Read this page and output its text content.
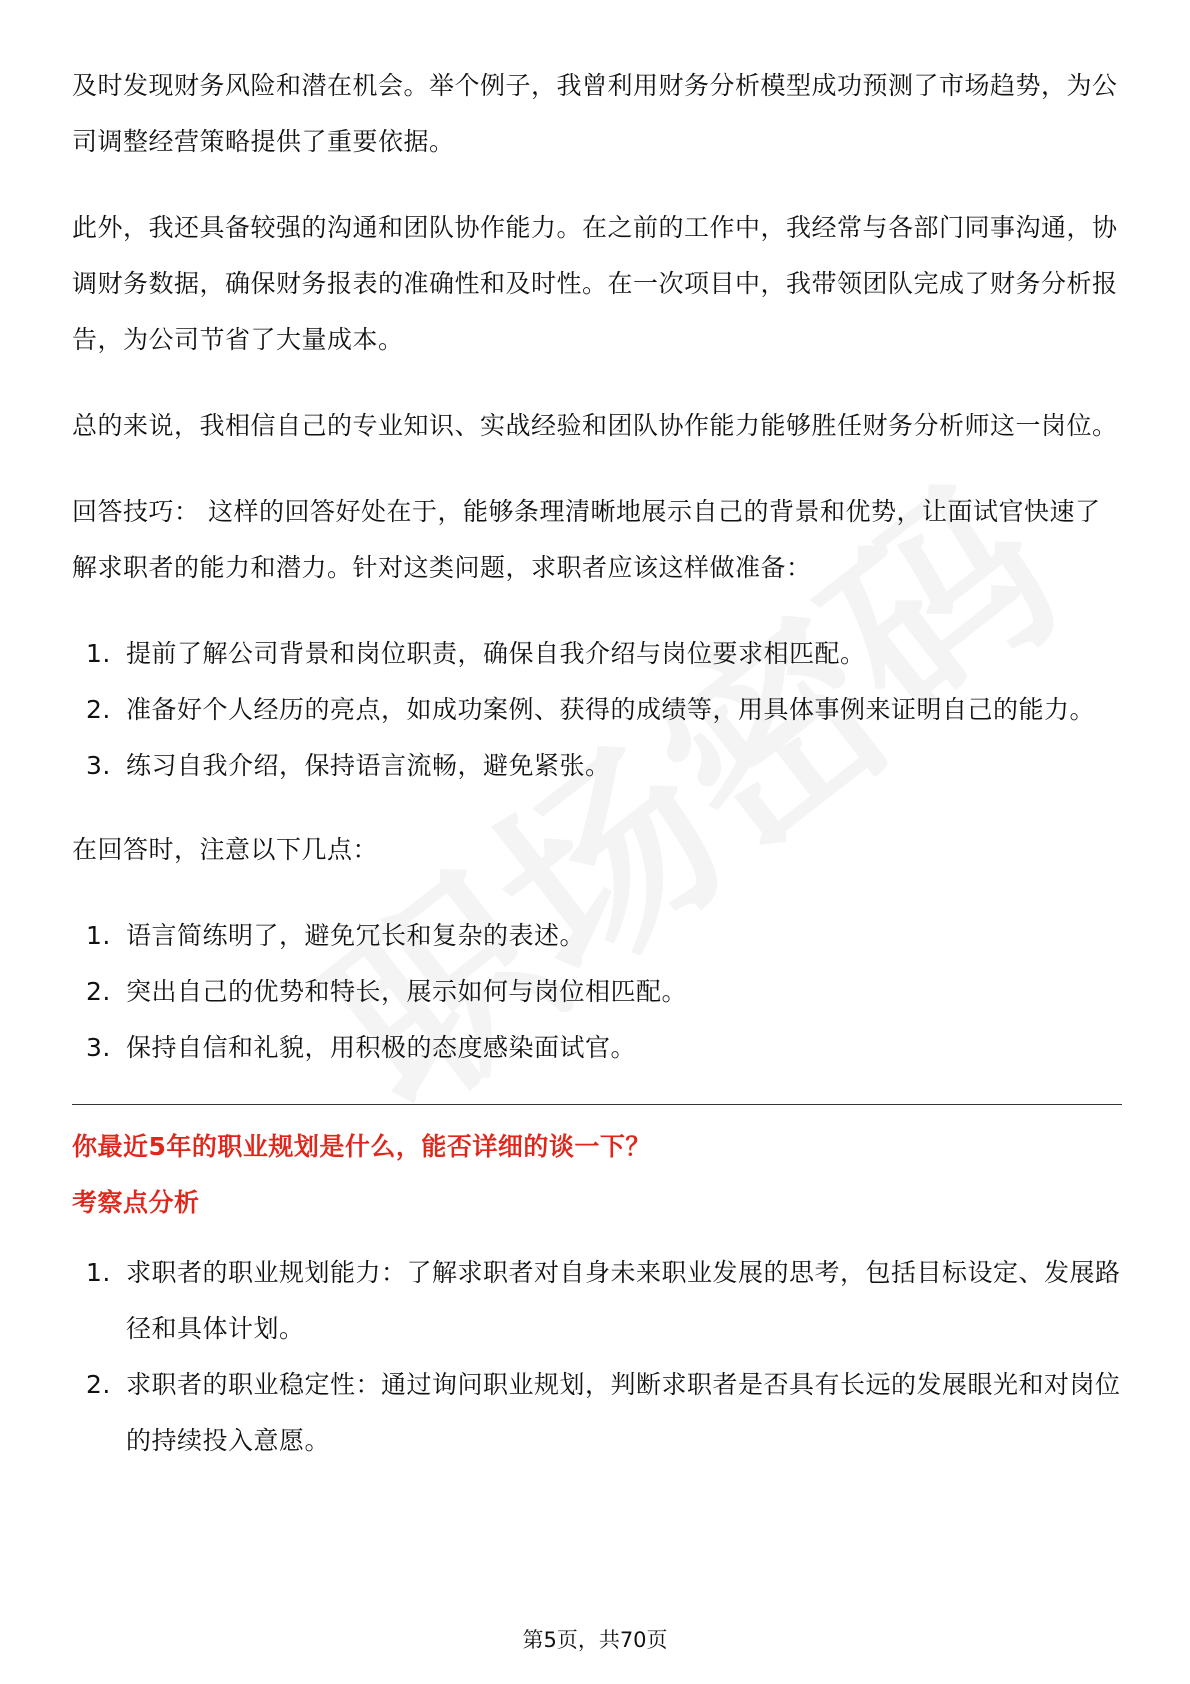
及时发现财务风险和潜在机会。举个例子，我曾利用财务分析模型成功预测了市场趋势，为公司调整经营策略提供了重要依据。

此外，我还具备较强的沟通和团队协作能力。在之前的工作中，我经常与各部门同事沟通，协调财务数据，确保财务报表的准确性和及时性。在一次项目中，我带领团队完成了财务分析报告，为公司节省了大量成本。

总的来说，我相信自己的专业知识、实战经验和团队协作能力能够胜任财务分析师这一岗位。

回答技巧： 这样的回答好处在于，能够条理清晰地展示自己的背景和优势，让面试官快速了解求职者的能力和潜力。针对这类问题，求职者应该这样做准备：

1. 提前了解公司背景和岗位职责，确保自我介绍与岗位要求相匹配。
2. 准备好个人经历的亮点，如成功案例、获得的成绩等，用具体事例来证明自己的能力。
3. 练习自我介绍，保持语言流畅，避免紧张。

在回答时，注意以下几点：

1. 语言简练明了，避免冗长和复杂的表述。
2. 突出自己的优势和特长，展示如何与岗位相匹配。
3. 保持自信和礼貌，用积极的态度感染面试官。

你最近5年的职业规划是什么，能否详细的谈一下？

考察点分析

1. 求职者的职业规划能力：了解求职者对自身未来职业发展的思考，包括目标设定、发展路径和具体计划。
2. 求职者的职业稳定性：通过询问职业规划，判断求职者是否具有长远的发展眼光和对岗位的持续投入意愿。
第5页，共70页
